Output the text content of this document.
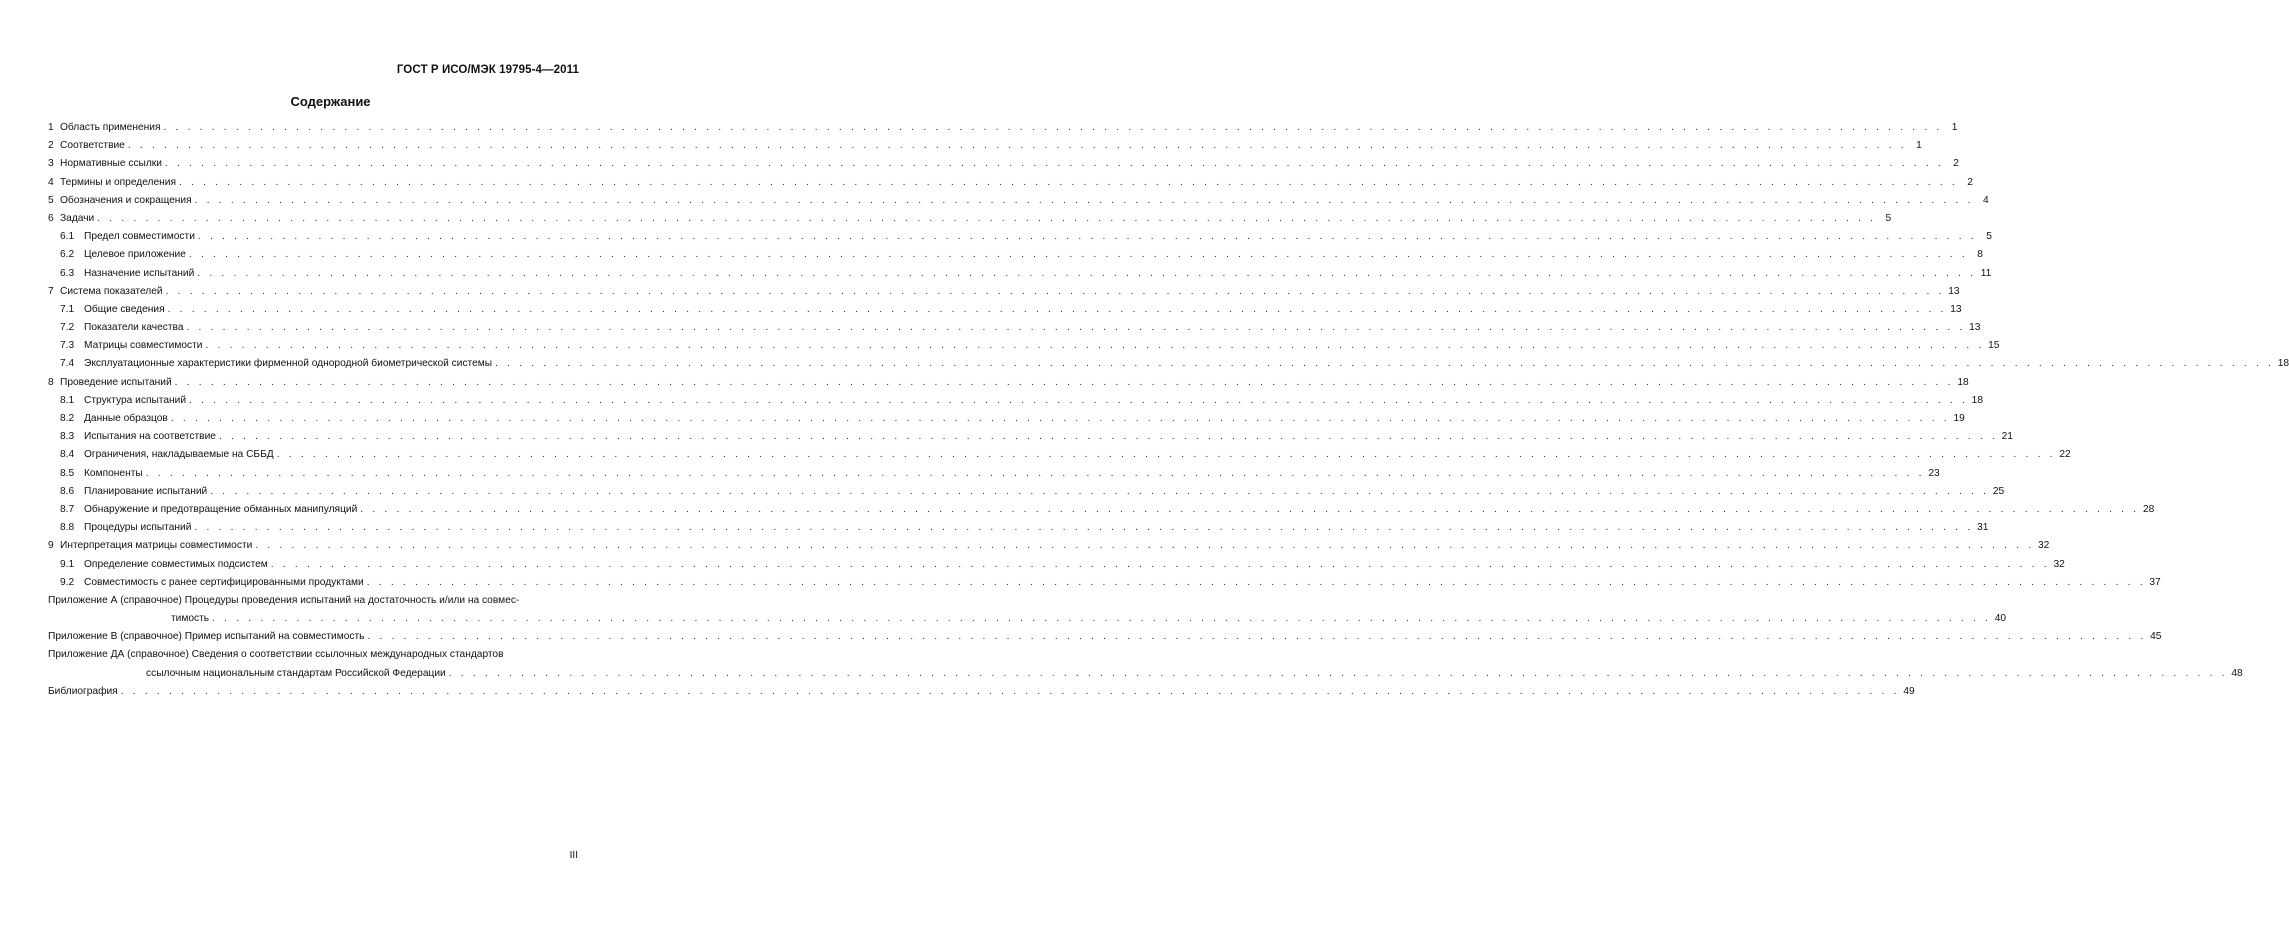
ГОСТ Р ИСО/МЭК 19795-4—2011
Содержание
1 Область применения . . .	1
2 Соответствие . . .	1
3 Нормативные ссылки . . .	2
4 Термины и определения . . .	2
5 Обозначения и сокращения . . .	4
6 Задачи . . .	5
6.1 Предел совместимости . . .	5
6.2 Целевое приложение . . .	8
6.3 Назначение испытаний . . .	11
7 Система показателей . . .	13
7.1 Общие сведения . . .	13
7.2 Показатели качества . . .	13
7.3 Матрицы совместимости . . .	15
7.4 Эксплуатационные характеристики фирменной однородной биометрической системы . . .	18
8 Проведение испытаний . . .	18
8.1 Структура испытаний . . .	18
8.2 Данные образцов . . .	19
8.3 Испытания на соответствие . . .	21
8.4 Ограничения, накладываемые на СББД . . .	22
8.5 Компоненты . . .	23
8.6 Планирование испытаний . . .	25
8.7 Обнаружение и предотвращение обманных манипуляций . . .	28
8.8 Процедуры испытаний . . .	31
9 Интерпретация матрицы совместимости . . .	32
9.1 Определение совместимых подсистем . . .	32
9.2 Совместимость с ранее сертифицированными продуктами . . .	37
Приложение А (справочное) Процедуры проведения испытаний на достаточность и/или на совмес-
тимость . . .	40
Приложение В (справочное) Пример испытаний на совместимость . . .	45
Приложение ДА (справочное) Сведения о соответствии ссылочных международных стандартов
ссылочным национальным стандартам Российской Федерации . . .	48
Библиография . . .	49
III
